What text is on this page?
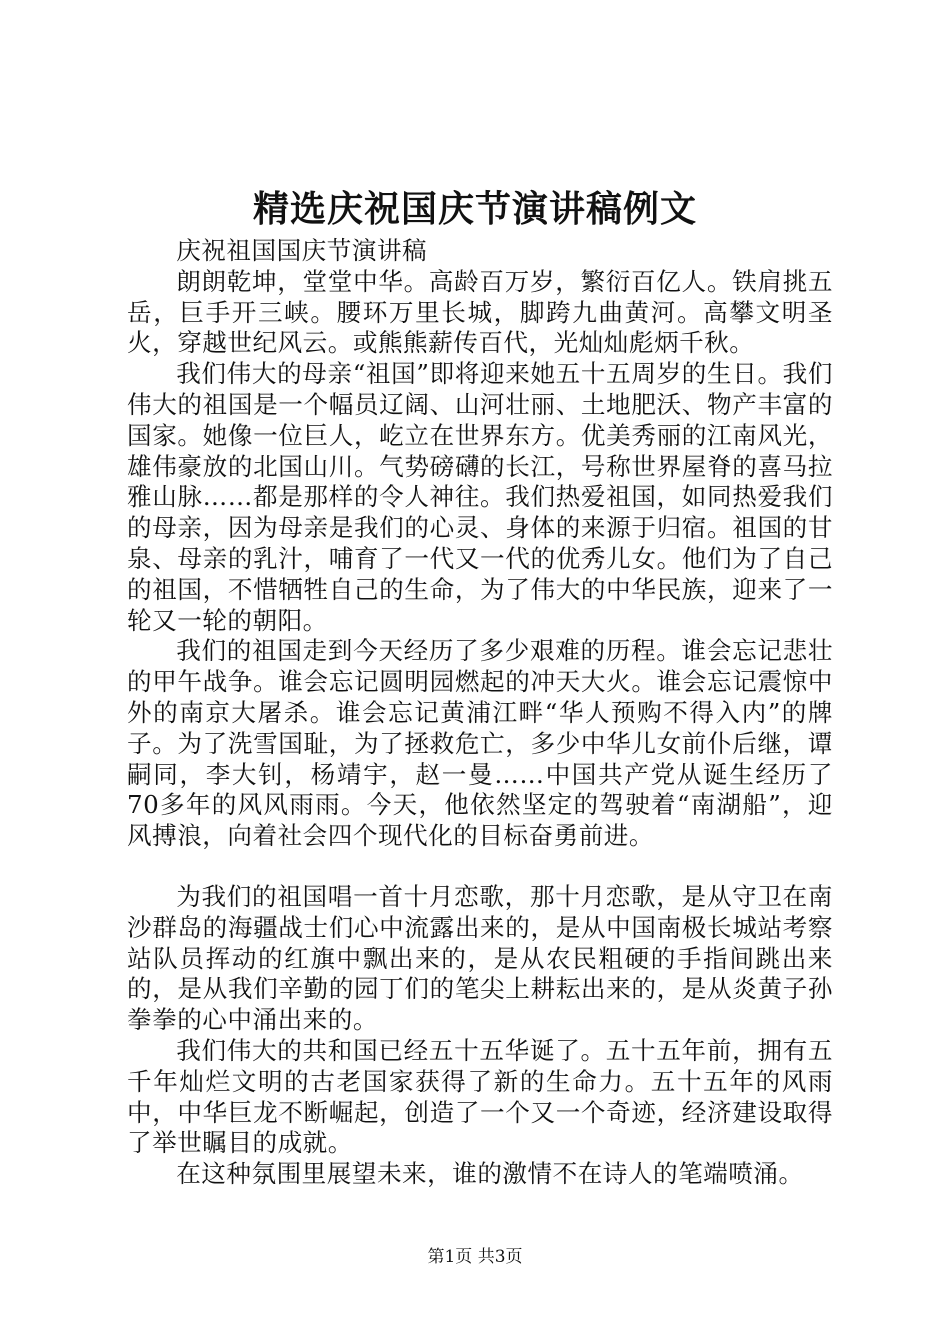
精选庆祝国庆节演讲稿例文

庆祝祖国国庆节演讲稿

朗朗乾坤，堂堂中华。高龄百万岁，繁衍百亿人。铁肩挑五岳，巨手开三峡。腰环万里长城，脚跨九曲黄河。高攀文明圣火，穿越世纪风云。或熊熊薪传百代，光灿灿彪炳千秋。

我们伟大的母亲“祖国”即将迎来她五十五周岁的生日。我们伟大的祖国是一个幅员辽阔、山河壮丽、土地肥沃、物产丰富的国家。她像一位巨人，屹立在世界东方。优美秀丽的江南风光，雄伟豪放的北国山川。气势磅礴的长江，号称世界屋脊的喜马拉雅山脉……都是那样的令人神往。我们热爱祖国，如同热爱我们的母亲，因为母亲是我们的心灵、身体的来源于归宿。祖国的甘泉、母亲的乳汁，哺育了一代又一代的优秀儿女。他们为了自己的祖国，不惜牺牲自己的生命，为了伟大的中华民族，迎来了一轮又一轮的朝阳。

我们的祖国走到今天经历了多少艰难的历程。谁会忘记悲壮的甲午战争。谁会忘记圆明园燃起的冲天大火。谁会忘记震惊中外的南京大屠杀。谁会忘记黄浦江畔“华人预购不得入内”的牌子。为了洗雪国耻，为了拯救危亡，多少中华儿女前仆后继，谭嗣同，李大钊，杨靖宇，赵一曼……中国共产党从诞生经历了70多年的风风雨雨。今天，他依然坚定的驾驶着“南湖船”，迎风搏浪，向着社会四个现代化的目标奋勇前进。

为我们的祖国唱一首十月恋歌，那十月恋歌，是从守卫在南沙群岛的海疆战士们心中流露出来的，是从中国南极长城站考察站队员挥动的红旗中飘出来的，是从农民粗硬的手指间跳出来的，是从我们辛勤的园丁们的笔尖上耕耘出来的，是从炎黄子孙拳拳的心中涌出来的。

我们伟大的共和国已经五十五华诞了。五十五年前，拥有五千年灿烂文明的古老国家获得了新的生命力。五十五年的风雨中，中华巨龙不断崛起，创造了一个又一个奇迹，经济建设取得了举世瞩目的成就。

在这种氛围里展望未来，谁的激情不在诗人的笔端喷涌。

第1页 共3页
